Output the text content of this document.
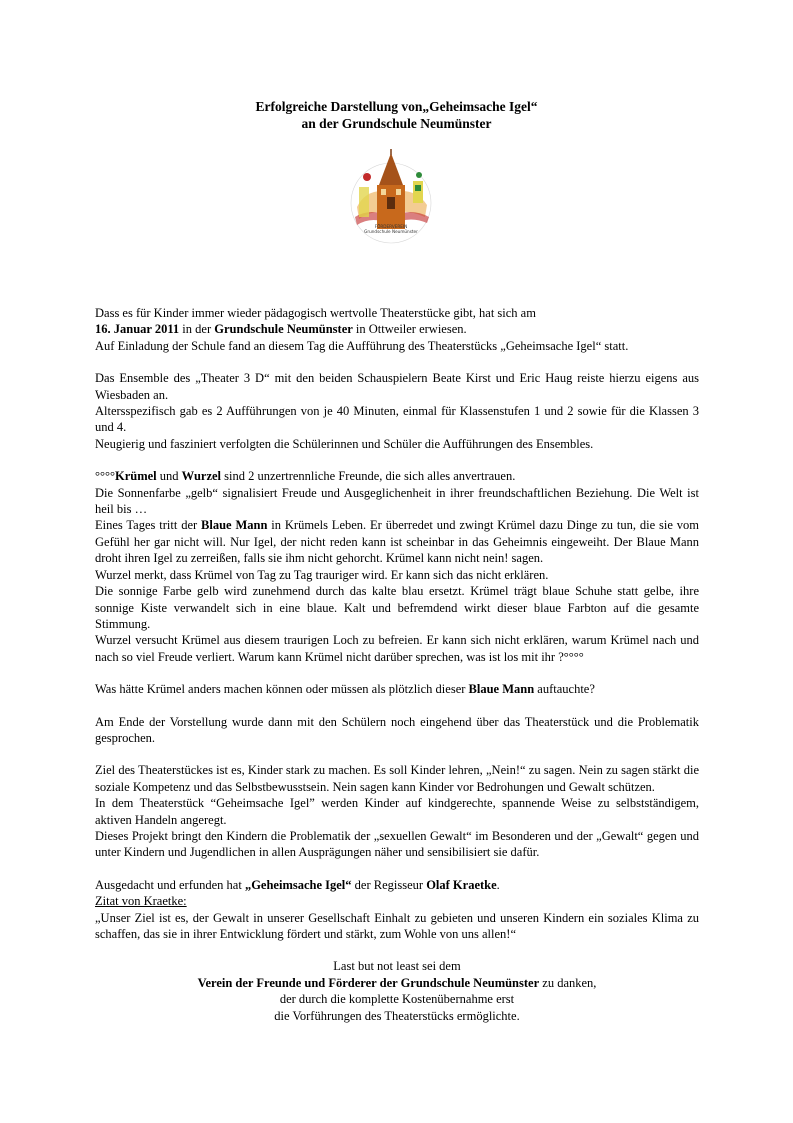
Erfolgreiche Darstellung von„Geheimsache Igel“
an der Grundschule Neumünster
FÖRDERVEREIN
Grundschule Neumünster

Dass es für Kinder immer wieder pädagogisch wertvolle Theaterstücke gibt, hat sich am
16. Januar 2011 in der Grundschule Neumünster in Ottweiler erwiesen.
Auf Einladung der Schule fand an diesem Tag die Aufführung des Theaterstücks „Geheimsache Igel“ statt.

Das Ensemble des „Theater 3 D“ mit den beiden Schauspielern Beate Kirst und Eric Haug reiste hierzu eigens aus Wiesbaden an.

Altersspezifisch gab es 2 Aufführungen von je 40 Minuten, einmal für Klassenstufen 1 und 2 sowie für die Klassen 3 und 4.

Neugierig und fasziniert verfolgten die Schülerinnen und Schüler die Aufführungen des Ensembles.

°°°°Krümel und Wurzel sind 2 unzertrennliche Freunde, die sich alles anvertrauen.

Die Sonnenfarbe „gelb“ signalisiert Freude und Ausgeglichenheit in ihrer freundschaftlichen Beziehung. Die Welt ist heil bis …

Eines Tages tritt der Blaue Mann in Krümels Leben. Er überredet und zwingt Krümel dazu Dinge zu tun, die sie vom Gefühl her gar nicht will. Nur Igel, der nicht reden kann ist scheinbar in das Geheimnis eingeweiht. Der Blaue Mann droht ihren Igel zu zerreißen, falls sie ihm nicht gehorcht. Krümel kann nicht nein! sagen.

Wurzel merkt, dass Krümel von Tag zu Tag trauriger wird. Er kann sich das nicht erklären.

Die sonnige Farbe gelb wird zunehmend durch das kalte blau ersetzt. Krümel trägt blaue Schuhe statt gelbe, ihre sonnige Kiste verwandelt sich in eine blaue. Kalt und befremdend wirkt dieser blaue Farbton auf die gesamte Stimmung.

Wurzel versucht Krümel aus diesem traurigen Loch zu befreien. Er kann sich nicht erklären, warum Krümel nach und nach so viel Freude verliert. Warum kann Krümel nicht darüber sprechen, was ist los mit ihr ?°°°°

Was hätte Krümel anders machen können oder müssen als plötzlich dieser Blaue Mann auftauchte?

Am Ende der Vorstellung wurde dann mit den Schülern noch eingehend über das Theaterstück und die Problematik gesprochen.

Ziel des Theaterstückes ist es, Kinder stark zu machen. Es soll Kinder lehren, „Nein!“ zu sagen. Nein zu sagen stärkt die soziale Kompetenz und das Selbstbewusstsein. Nein sagen kann Kinder vor Bedrohungen und Gewalt schützen.

In dem Theaterstück “Geheimsache Igel” werden Kinder auf kindgerechte, spannende Weise zu selbstständigem, aktiven Handeln angeregt.

Dieses Projekt bringt den Kindern die Problematik der „sexuellen Gewalt“ im Besonderen und der „Gewalt“ gegen und unter Kindern und Jugendlichen in allen Ausprägungen näher und sensibilisiert sie dafür.

Ausgedacht und erfunden hat „Geheimsache Igel“ der Regisseur Olaf Kraetke.

Zitat von Kraetke:

„Unser Ziel ist es, der Gewalt in unserer Gesellschaft Einhalt zu gebieten und unseren Kindern ein soziales Klima zu schaffen, das sie in ihrer Entwicklung fördert und stärkt, zum Wohle von uns allen!“

Last but not least sei dem
Verein der Freunde und Förderer der Grundschule Neumünster zu danken,
der durch die komplette Kostenübernahme erst
die Vorführungen des Theaterstücks ermöglichte.
